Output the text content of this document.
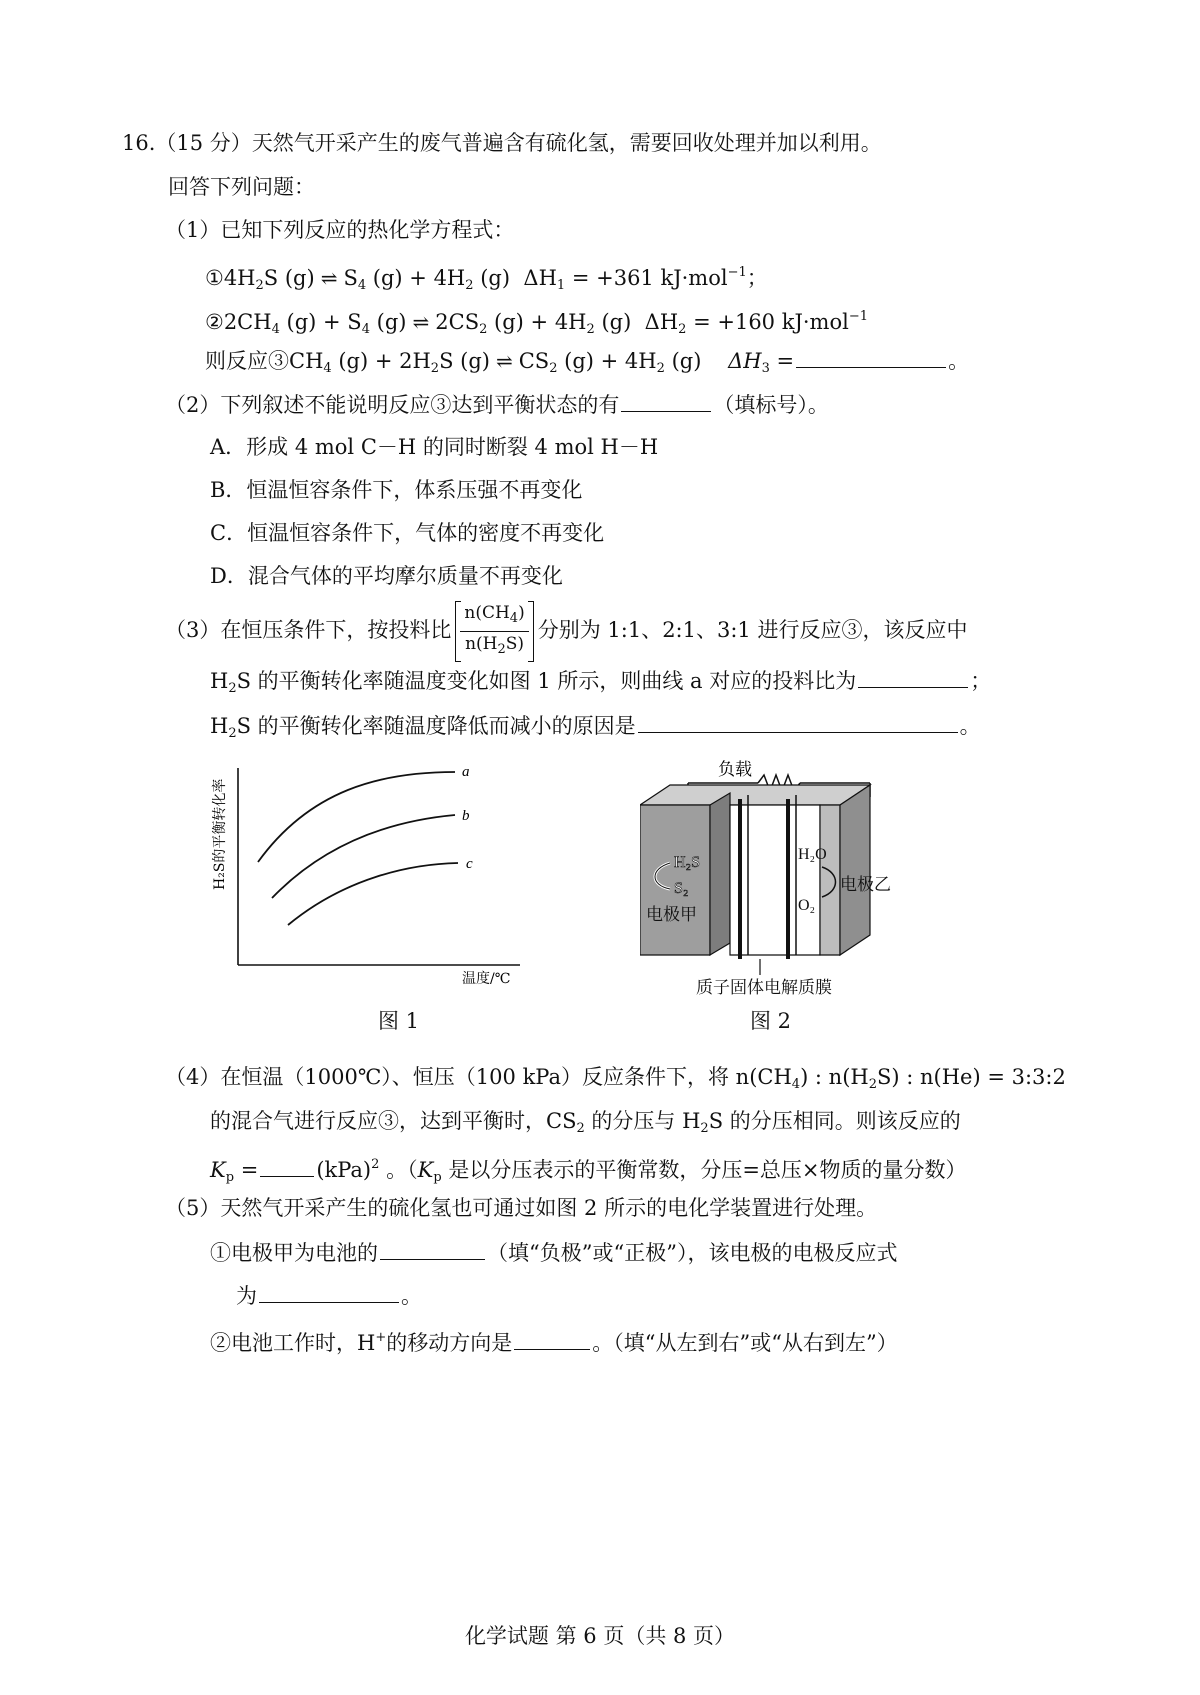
16.（15 分）天然气开采产生的废气普遍含有硫化氢，需要回收处理并加以利用。
回答下列问题：
（1）已知下列反应的热化学方程式：
$①4H_2S$ (g) ⇌ $S_4$ $(g) + 4H_2$ (g) $\Delta H_1 = +361$ kJ·mol$^{-1}$；
$②2CH_4$ $(g) + S_4$ (g) ⇌ $2CS_2$ $(g) + 4H_2$ (g) $\Delta H_2 = +160$ kJ·mol$^{-1}$
则反应$③CH_4$ $(g) + 2H_2S$ (g) ⇌ $CS_2$ $(g) + 4H_2$ (g) $\Delta H_3$ =	。
（2）下列叙述不能说明反应③达到平衡状态的有	（填标号）。
A．形成 4 mol C－H 的同时断裂 4 mol H－H
B．恒温恒容条件下，体系压强不再变化
C．恒温恒容条件下，气体的密度不再变化
D．混合气体的平均摩尔质量不再变化
（3）在恒压条件下，按投料比 $\frac{n(CH_4)}{n(H_2S)}$ 分别为 1:1、2:1、3:1 进行反应③，该反应中
$H_2S$ 的平衡转化率随温度变化如图 1 所示，则曲线 a 对应的投料比为	；
$H_2S$ 的平衡转化率随温度降低而减小的原因是	。
a
b
c
H₂S的平衡转化率
温度/℃
图 1
负载
H₂S
S₂
电极甲
H₂O
O₂
电极乙
质子固体电解质膜
图 2
（4）在恒温（1000℃）、恒压（100 kPa）反应条件下，将 $n(CH_4)$ : $n(H_2S)$ : n(He) = 3:3:2
的混合气进行反应③，达到平衡时，$CS_2$ 的分压与 $H_2S$ 的分压相同。则该反应的
$K_p$ =	(kPa)$^2$ 。（$K_p$ 是以分压表示的平衡常数，分压=总压×物质的量分数）
（5）天然气开采产生的硫化氢也可通过如图 2 所示的电化学装置进行处理。
①电极甲为电池的	（填“负极”或“正极”），该电极的电极反应式
为	。
②电池工作时，H+的移动方向是	。（填“从左到右”或“从右到左”）
化学试题 第 6 页（共 8 页）
